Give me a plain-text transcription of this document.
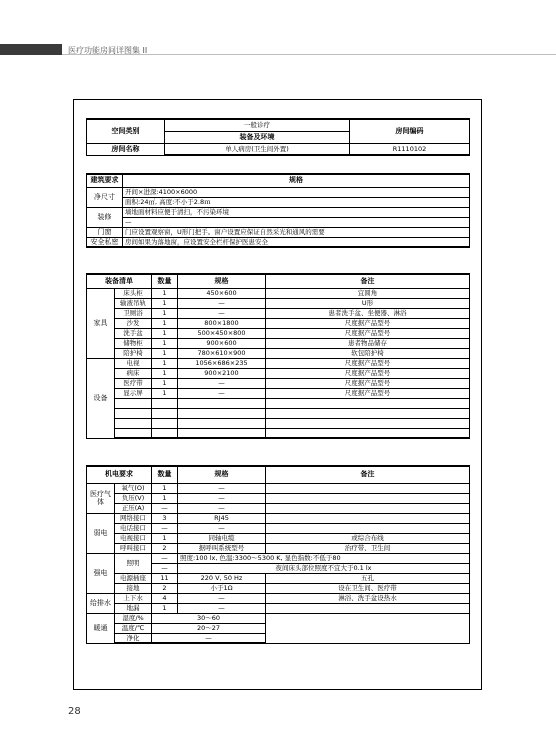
医疗功能房间详图集 II
28
空间类别	一般诊疗	房间编码
	装备及环境	
房间名称	单人病房(卫生间外置)	R1110102
建筑要求	规格
净尺寸	开间×进深:4100×6000
	面积:24㎡, 高度:不小于2.8ｍ
装修	墙地面材料应便于清扫，不污染环境
	—
门窗	门应设置观察窗，U形门把手。窗户设置应保证自然采光和通风的需要
安全私密	房间如果为落地窗，应设置安全栏杆保护医患安全
装备清单		数量	规格	备注
家具	床头柜	1	450×600	宜圆角
	输液吊轨	1	—	U形
	卫厕浴	1	—	患者洗手盆、坐便器、淋浴
	沙发	1	800×1800	尺度据产品型号
	洗手盆	1	500×450×800	尺度据产品型号
	储物柜	1	900×600	患者物品储存
	陪护椅	1	780×610×900	软包陪护椅
设备	电视	1	1056×686×235	尺度据产品型号
	病床	1	900×2100	尺度据产品型号
	医疗带	1	—	尺度据产品型号
	显示屏	1	—	尺度据产品型号

机电要求		数量	规格	备注
医疗气体	氧气(O)	1	—	
	负压(V)	1	—	
	正压(A)	—	—	
弱电	网络接口	3	RJ45	
	电话接口	—	—	
	电视接口	1	同轴电缆	或综合布线
	呼叫接口	2	据呼叫系统型号	治疗带、卫生间
强电	照明	—	照度:100 lx, 色温:3300～5300 K, 显色指数:不低于80	
		—	夜间床头部位照度不宜大于0.1 lx	
	电源插座	11	220 V, 50 Hz	五孔
	接地	2	小于1Ω	设在卫生间、医疗带
给排水	上下水	4	—	淋浴、洗手盆设热水
	地漏	1	—	
暖通	湿度/%	30～60		
	温度/℃	20～27		
	净化	—		
